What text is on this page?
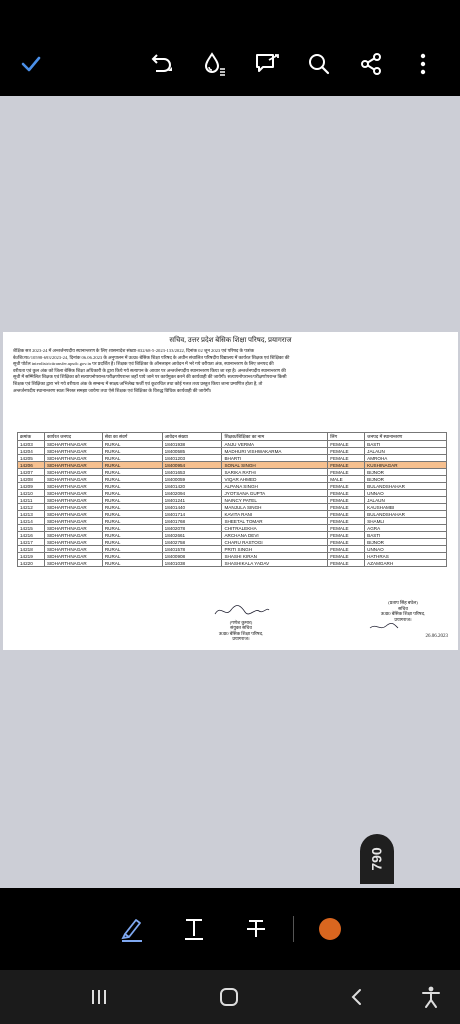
सचिव, उत्तर प्रदेश बेसिक शिक्षा परिषद, प्रयागराज
शैक्षिक सत्र 2023-24 में अन्तर्जनपदीय स्थानान्तरण के लिए शासनादेश संख्या-832/68-5-2023-133/2022, दिनांक 02 जून 2023 एवं परिषद के पत्रांक
बे0शि0प0/10598-693/2023-24, दिनांक 06.06.2023 के अनुपालन में उ0प्र0 बेसिक शिक्षा परिषद के अधीन संचालित परिषदीय विद्यालय में कार्यरत शिक्षक एवं शिक्षिका की
सूची पोर्टल interdistricttransfer.upsdc.gov.in पर प्रदर्शित है। शिक्षक एवं शिक्षिका के ऑनलाइन आवेदन में भरे गये वरीयता अंक, स्थानान्तरण के लिए जनपद की
वरीयता एवं कुल अंक को जिला बेसिक शिक्षा अधिकारी के द्वारा किये गये सत्यापन के आधार पर अन्तर्जनपदीय स्थानान्तरण किया जा रहा है। अन्तर्जनपदीय स्थानान्तरण की
सूची में सम्मिलित शिक्षक एवं शिक्षिका को सत्यापनोपरान्त/परीक्षणोपरान्त जहाँ पाये जाने पर कार्यमुक्त करने की कार्यवाही की जायेगी। सत्यापनोपरान्त/परीक्षणोपरान्त किसी
शिक्षक एवं शिक्षिका द्वारा भरे गये वरीयता अंक के सम्बन्ध में साक्ष्य/अभिलेख फर्जी एवं कूटरचित तथा कोई गलत तथ्य प्रस्तुत किया जाना प्रमाणित होता है, तो
अन्तर्जनपदीय स्थानान्तरण स्वतः निरस्त समझा जायेगा तथा ऐसे शिक्षक एवं शिक्षिका के विरुद्ध विधिक कार्यवाही की जायेगी।
क्रमांक	कार्यरत जनपद	सेवा का संवर्ग	आवेदन संख्या	शिक्षक/शिक्षिका का नाम	लिंग	जनपद में स्थानान्तरण
14203	SIDHARTHNAGAR	RURAL	18401938	ANJU VERMA	FEMALE	BASTI
14204	SIDHARTHNAGAR	RURAL	18400585	MADHURI VISHWAKARMA	FEMALE	JALAUN
14205	SIDHARTHNAGAR	RURAL	18401203	BHARTI	FEMALE	AMROHA
14206	SIDHARTHNAGAR	RURAL	18400954	SONAL SINGH	FEMALE	KUSHINAGAR
14207	SIDHARTHNAGAR	RURAL	18401653	SARIKA RATHI	FEMALE	BIJNOR
14208	SIDHARTHNAGAR	RURAL	18400059	VIQAR AHMED	MALE	BIJNOR
14209	SIDHARTHNAGAR	RURAL	18401420	ALPANA SINGH	FEMALE	BULANDSHAHAR
14210	SIDHARTHNAGAR	RURAL	18402094	JYOTSANA GUPTA	FEMALE	UNNAO
14211	SIDHARTHNAGAR	RURAL	18401241	NAINCY PATEL	FEMALE	JALAUN
14212	SIDHARTHNAGAR	RURAL	18401440	MANJULA SINGH	FEMALE	KAUSHAMBI
14213	SIDHARTHNAGAR	RURAL	18401714	KAVITA RANI	FEMALE	BULANDSHAHAR
14214	SIDHARTHNAGAR	RURAL	18401768	SHEETAL TOMAR	FEMALE	SHAMLI
14215	SIDHARTHNAGAR	RURAL	18402078	CHITRALEKHA	FEMALE	AGRA
14216	SIDHARTHNAGAR	RURAL	18402661	ARCHANA DEVI	FEMALE	BASTI
14217	SIDHARTHNAGAR	RURAL	18402758	CHARU RASTOGI	FEMALE	BIJNOR
14218	SIDHARTHNAGAR	RURAL	18401578	PRITI SINGH	FEMALE	UNNAO
14219	SIDHARTHNAGAR	RURAL	18400908	SHASHI KIRAN	FEMALE	HATHRAS
14220	SIDHARTHNAGAR	RURAL	18401038	SHASHIKALA YADAV	FEMALE	AZAMGARH
(गणेश कुमार)
संयुक्त सचिव
उ0प्र0 बेसिक शिक्षा परिषद,
प्रयागराज।
(प्रताप सिंह बघेल)
सचिव
उ0प्र0 बेसिक शिक्षा परिषद,
प्रयागराज।
26.06.2023
790
